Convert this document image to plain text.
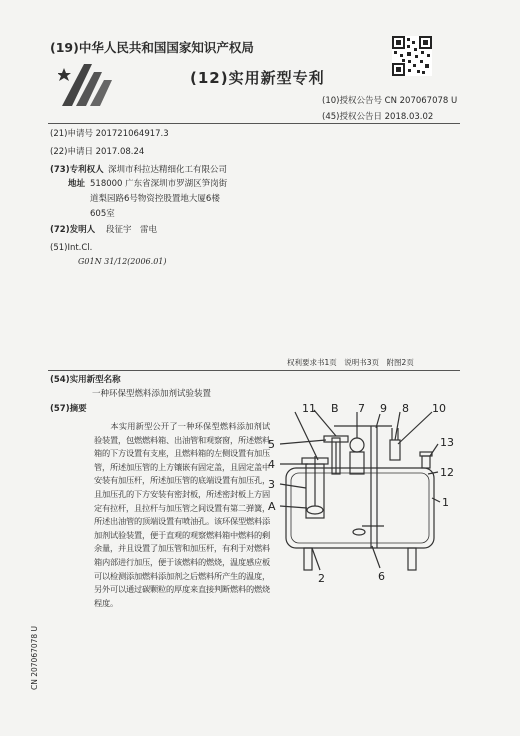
(19)中华人民共和国国家知识产权局
(12)实用新型专利
(10)授权公告号 CN 207067078 U
(45)授权公告日 2018.03.02
(21)申请号 201721064917.3
(22)申请日 2017.08.24
(73)专利权人 深圳市科拉达精细化工有限公司
地址 518000 广东省深圳市罗湖区笋岗街
道梨园路6号物资控股置地大厦6楼
605室
(72)发明人 段征宇　雷电
(51)Int.Cl.
G01N 31/12(2006.01)
权利要求书1页　说明书3页　附图2页
(54)实用新型名称
一种环保型燃料添加剂试验装置
(57)摘要
本实用新型公开了一种环保型燃料添加剂试验装置，包燃燃料箱、出油管和观察窗，所述燃料箱的下方设置有支座，且燃料箱的左侧设置有加压管，所述加压管的上方镶嵌有固定盖，且固定盖中安装有加压杆，所述加压管的底端设置有加压孔，且加压孔的下方安装有密封板，所述密封板上方固定有拉杆，且拉杆与加压管之间设置有第二弹簧，所述出油管的顶端设置有喷油孔。该环保型燃料添加剂试验装置，便于直观的观察燃料箱中燃料的剩余量，并且设置了加压管和加压杆，有利于对燃料箱内部进行加压，便于该燃料的燃烧，温度感应板可以检测添加燃料添加剂之后燃料所产生的温度，另外可以通过碳颗粒的厚度来直接判断燃料的燃烧程度。
CN 207067078 U
11 B 7 9 8 10
5
4
3
A
13
12
1
2	6
